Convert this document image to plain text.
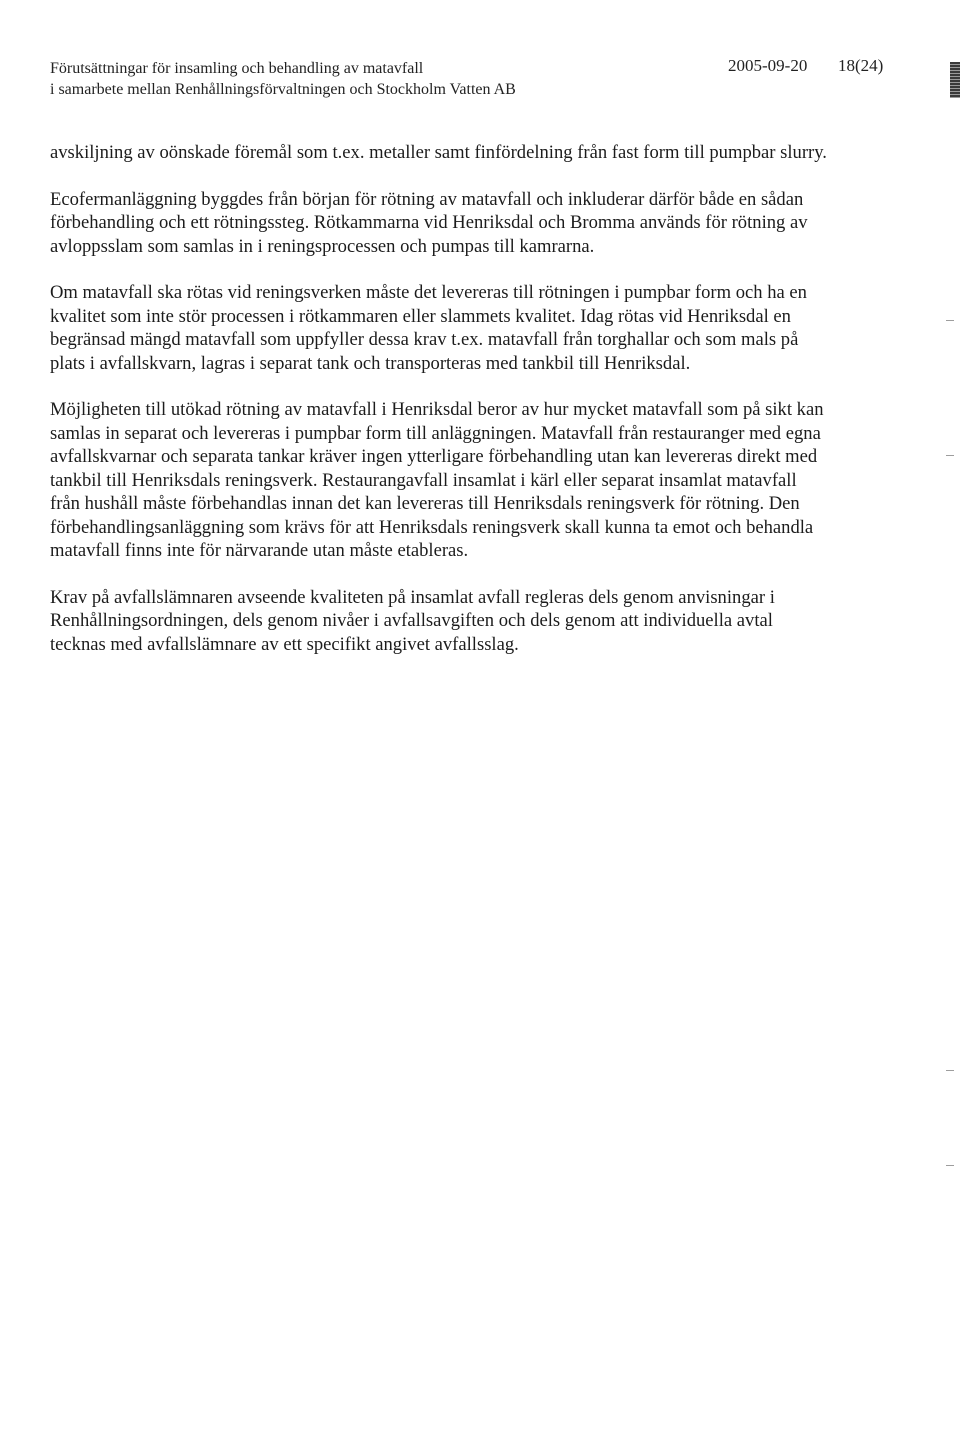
Förutsättningar för insamling och behandling av matavfall
i samarbete mellan Renhållningsförvaltningen och Stockholm Vatten AB
2005-09-20 18(24)

avskiljning av oönskade föremål som t.ex. metaller samt finfördelning från fast form till pumpbar slurry.

Ecofermanläggning byggdes från början för rötning av matavfall och inkluderar därför både en sådan förbehandling och ett rötningssteg. Rötkammarna vid Henriksdal och Bromma används för rötning av avloppsslam som samlas in i reningsprocessen och pumpas till kamrarna.

Om matavfall ska rötas vid reningsverken måste det levereras till rötningen i pumpbar form och ha en kvalitet som inte stör processen i rötkammaren eller slammets kvalitet. Idag rötas vid Henriksdal en begränsad mängd matavfall som uppfyller dessa krav t.ex. matavfall från torghallar och som mals på plats i avfallskvarn, lagras i separat tank och transporteras med tankbil till Henriksdal.

Möjligheten till utökad rötning av matavfall i Henriksdal beror av hur mycket matavfall som på sikt kan samlas in separat och levereras i pumpbar form till anläggningen. Matavfall från restauranger med egna avfallskvarnar och separata tankar kräver ingen ytterligare förbehandling utan kan levereras direkt med tankbil till Henriksdals reningsverk. Restaurangavfall insamlat i kärl eller separat insamlat matavfall från hushåll måste förbehandlas innan det kan levereras till Henriksdals reningsverk för rötning. Den förbehandlingsanläggning som krävs för att Henriksdals reningsverk skall kunna ta emot och behandla matavfall finns inte för närvarande utan måste etableras.

Krav på avfallslämnaren avseende kvaliteten på insamlat avfall regleras dels genom anvisningar i Renhållningsordningen, dels genom nivåer i avfallsavgiften och dels genom att individuella avtal tecknas med avfallslämnare av ett specifikt angivet avfallsslag.
